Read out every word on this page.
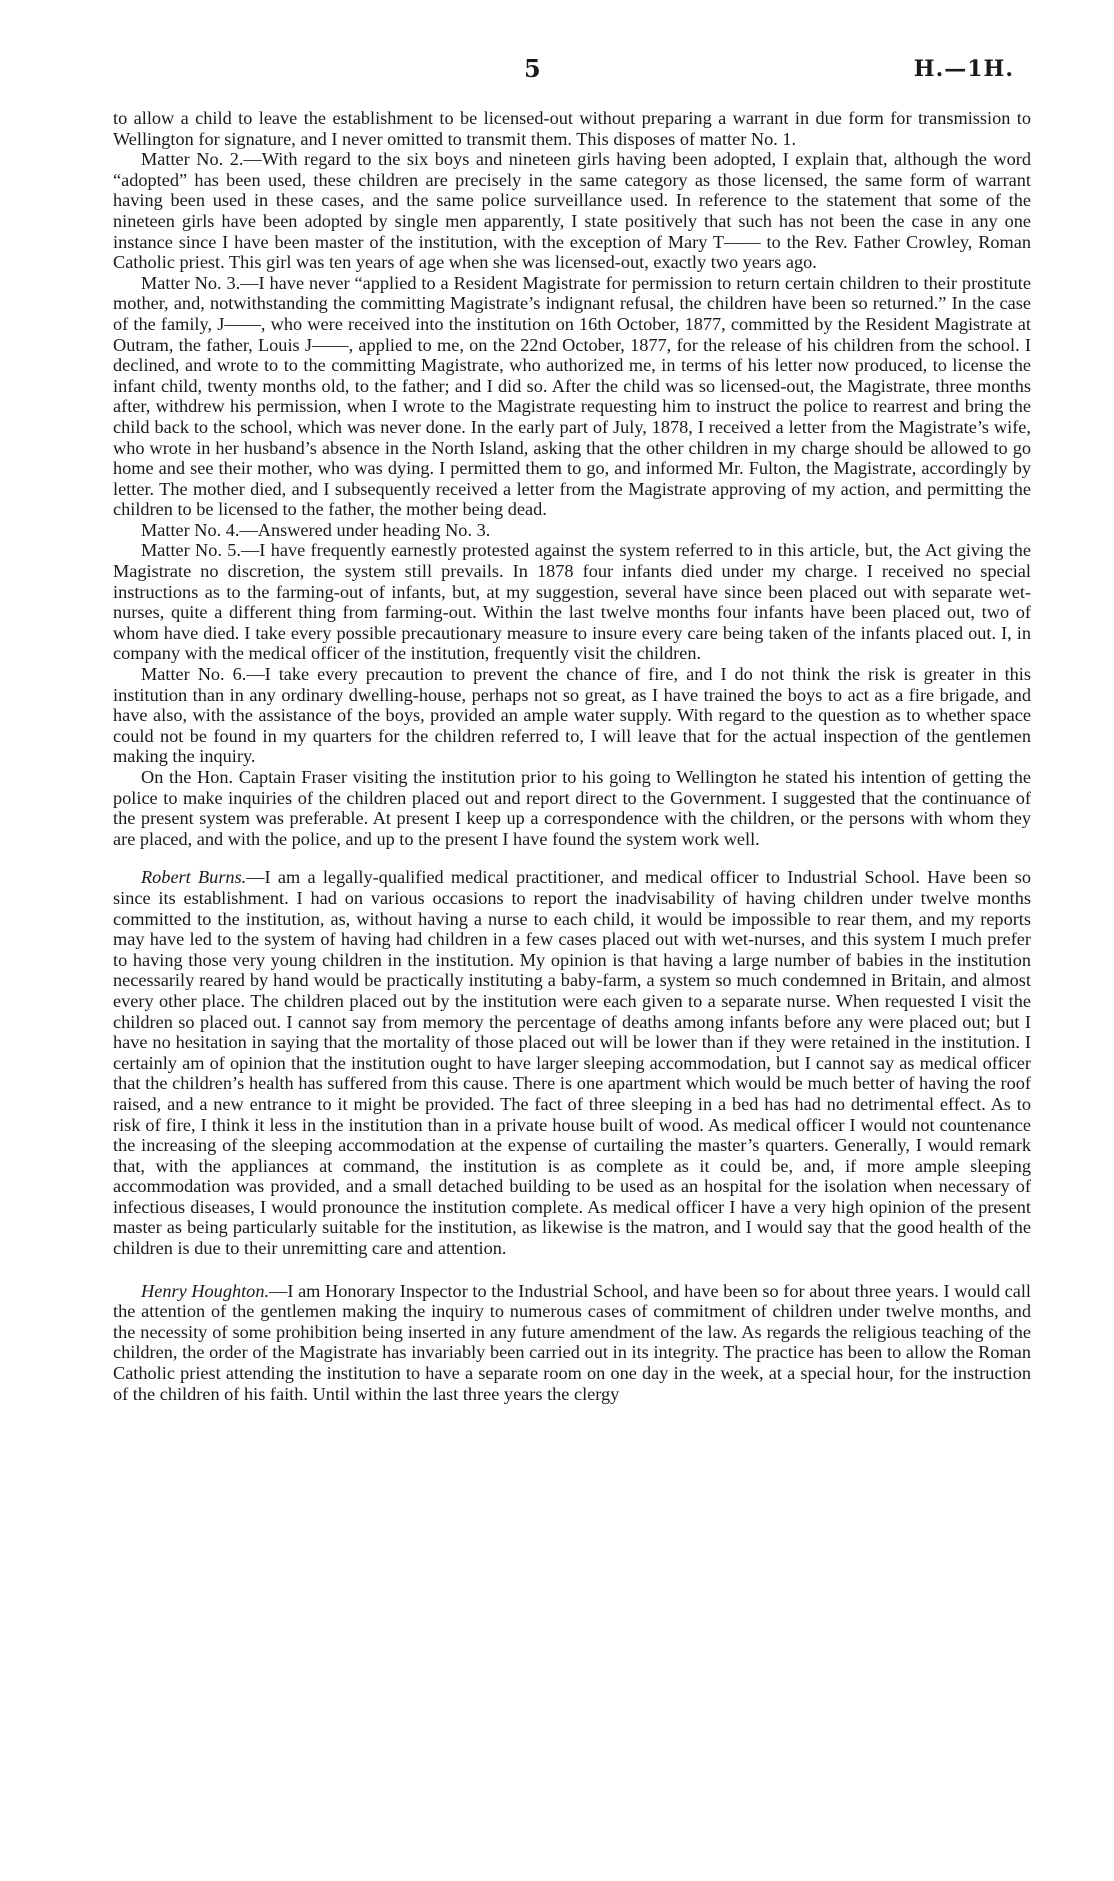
5	H.—1H.

to allow a child to leave the establishment to be licensed-out without preparing a warrant in due form for transmission to Wellington for signature, and I never omitted to transmit them. This disposes of matter No. 1.

Matter No. 2.—With regard to the six boys and nineteen girls having been adopted, I explain that, although the word “adopted” has been used, these children are precisely in the same category as those licensed, the same form of warrant having been used in these cases, and the same police surveillance used. In reference to the statement that some of the nineteen girls have been adopted by single men apparently, I state positively that such has not been the case in any one instance since I have been master of the institution, with the exception of Mary T—— to the Rev. Father Crowley, Roman Catholic priest. This girl was ten years of age when she was licensed-out, exactly two years ago.

Matter No. 3.—I have never “applied to a Resident Magistrate for permission to return certain children to their prostitute mother, and, notwithstanding the committing Magistrate’s indignant refusal, the children have been so returned.” In the case of the family, J——, who were received into the institution on 16th October, 1877, committed by the Resident Magistrate at Outram, the father, Louis J——, applied to me, on the 22nd October, 1877, for the release of his children from the school. I declined, and wrote to to the committing Magistrate, who authorized me, in terms of his letter now produced, to license the infant child, twenty months old, to the father; and I did so. After the child was so licensed-out, the Magistrate, three months after, withdrew his permission, when I wrote to the Magistrate requesting him to instruct the police to rearrest and bring the child back to the school, which was never done. In the early part of July, 1878, I received a letter from the Magistrate’s wife, who wrote in her husband’s absence in the North Island, asking that the other children in my charge should be allowed to go home and see their mother, who was dying. I permitted them to go, and informed Mr. Fulton, the Magistrate, accordingly by letter. The mother died, and I subsequently received a letter from the Magistrate approving of my action, and permitting the children to be licensed to the father, the mother being dead.

Matter No. 4.—Answered under heading No. 3.

Matter No. 5.—I have frequently earnestly protested against the system referred to in this article, but, the Act giving the Magistrate no discretion, the system still prevails. In 1878 four infants died under my charge. I received no special instructions as to the farming-out of infants, but, at my suggestion, several have since been placed out with separate wet-nurses, quite a different thing from farming-out. Within the last twelve months four infants have been placed out, two of whom have died. I take every possible precautionary measure to insure every care being taken of the infants placed out. I, in company with the medical officer of the institution, frequently visit the children.

Matter No. 6.—I take every precaution to prevent the chance of fire, and I do not think the risk is greater in this institution than in any ordinary dwelling-house, perhaps not so great, as I have trained the boys to act as a fire brigade, and have also, with the assistance of the boys, provided an ample water supply. With regard to the question as to whether space could not be found in my quarters for the children referred to, I will leave that for the actual inspection of the gentlemen making the inquiry.

On the Hon. Captain Fraser visiting the institution prior to his going to Wellington he stated his intention of getting the police to make inquiries of the children placed out and report direct to the Government. I suggested that the continuance of the present system was preferable. At present I keep up a correspondence with the children, or the persons with whom they are placed, and with the police, and up to the present I have found the system work well.

Robert Burns.—I am a legally-qualified medical practitioner, and medical officer to Industrial School. Have been so since its establishment. I had on various occasions to report the inadvisability of having children under twelve months committed to the institution, as, without having a nurse to each child, it would be impossible to rear them, and my reports may have led to the system of having had children in a few cases placed out with wet-nurses, and this system I much prefer to having those very young children in the institution. My opinion is that having a large number of babies in the institution necessarily reared by hand would be practically instituting a baby-farm, a system so much condemned in Britain, and almost every other place. The children placed out by the institution were each given to a separate nurse. When requested I visit the children so placed out. I cannot say from memory the percentage of deaths among infants before any were placed out; but I have no hesitation in saying that the mortality of those placed out will be lower than if they were retained in the institution. I certainly am of opinion that the institution ought to have larger sleeping accommodation, but I cannot say as medical officer that the children’s health has suffered from this cause. There is one apartment which would be much better of having the roof raised, and a new entrance to it might be provided. The fact of three sleeping in a bed has had no detrimental effect. As to risk of fire, I think it less in the institution than in a private house built of wood. As medical officer I would not countenance the increasing of the sleeping accommodation at the expense of curtailing the master’s quarters. Generally, I would remark that, with the appliances at command, the institution is as complete as it could be, and, if more ample sleeping accommodation was provided, and a small detached building to be used as an hospital for the isolation when necessary of infectious diseases, I would pronounce the institution complete. As medical officer I have a very high opinion of the present master as being particularly suitable for the institution, as likewise is the matron, and I would say that the good health of the children is due to their unremitting care and attention.

Henry Houghton.—I am Honorary Inspector to the Industrial School, and have been so for about three years. I would call the attention of the gentlemen making the inquiry to numerous cases of commitment of children under twelve months, and the necessity of some prohibition being inserted in any future amendment of the law. As regards the religious teaching of the children, the order of the Magistrate has invariably been carried out in its integrity. The practice has been to allow the Roman Catholic priest attending the institution to have a separate room on one day in the week, at a special hour, for the instruction of the children of his faith. Until within the last three years the clergy
